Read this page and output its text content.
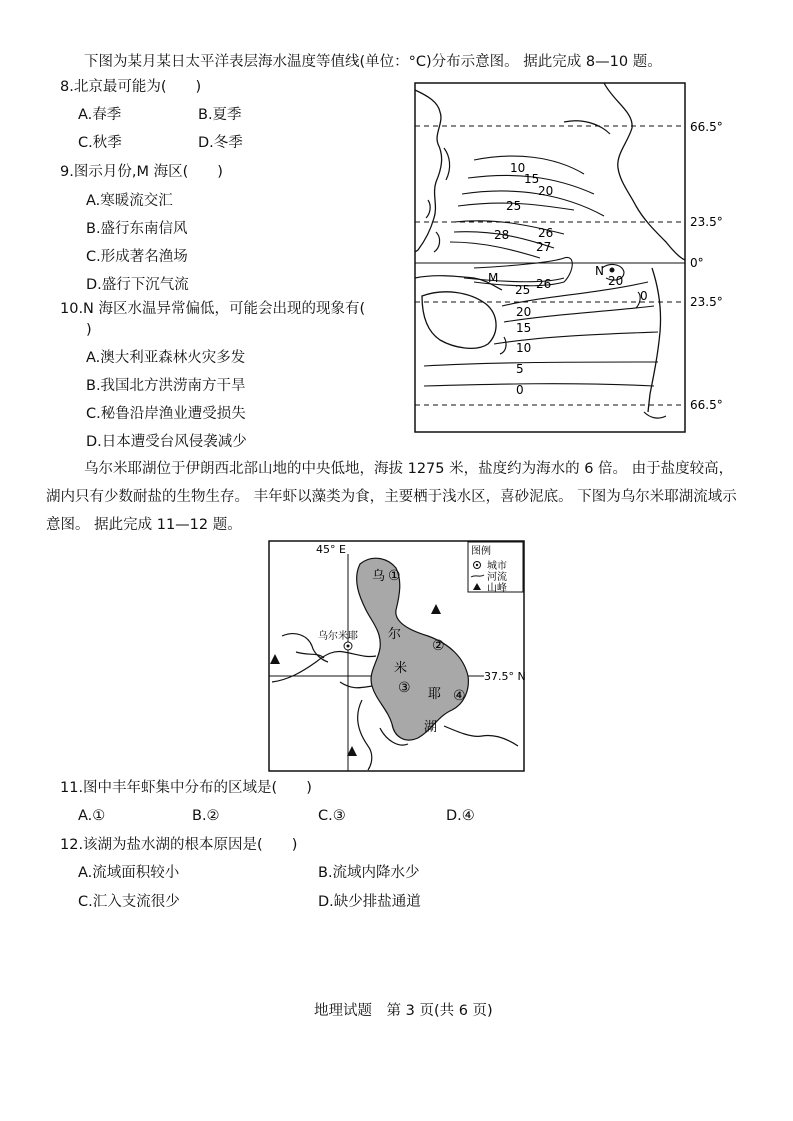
下图为某月某日太平洋表层海水温度等值线(单位：°C)分布示意图。 据此完成 8—10 题。
8.北京最可能为(　　)
A.春季	B.夏季
C.秋季	D.冬季
9.图示月份,M 海区(　　)
A.寒暖流交汇
B.盛行东南信风
C.形成著名渔场
D.盛行下沉气流
10.N 海区水温异常偏低，可能会出现的现象有(
)
A.澳大利亚森林火灾多发
B.我国北方洪涝南方干旱
C.秘鲁沿岸渔业遭受损失
D.日本遭受台风侵袭减少
66.5°
23.5°
0°
23.5°
66.5°
10
15
20
25
26
27
28
25 26
20
15
10
5
0
0
20
M	N
乌尔米耶湖位于伊朗西北部山地的中央低地，海拔 1275 米，盐度约为海水的 6 倍。 由于盐度较高，湖内只有少数耐盐的生物生存。 丰年虾以藻类为食，主要栖于浅水区，喜砂泥底。 下图为乌尔米耶湖流域示意图。 据此完成 11—12 题。
45° E
37.5° N
乌
尔
米
耶
湖
①
②
③	④
乌尔米耶
图例
城市
河流
山峰
11.图中丰年虾集中分布的区域是(　　)
A.①	B.②	C.③	D.④
12.该湖为盐水湖的根本原因是(　　)
A.流域面积较小	B.流域内降水少
C.汇入支流很少	D.缺少排盐通道
地理试题　第 3 页(共 6 页)
